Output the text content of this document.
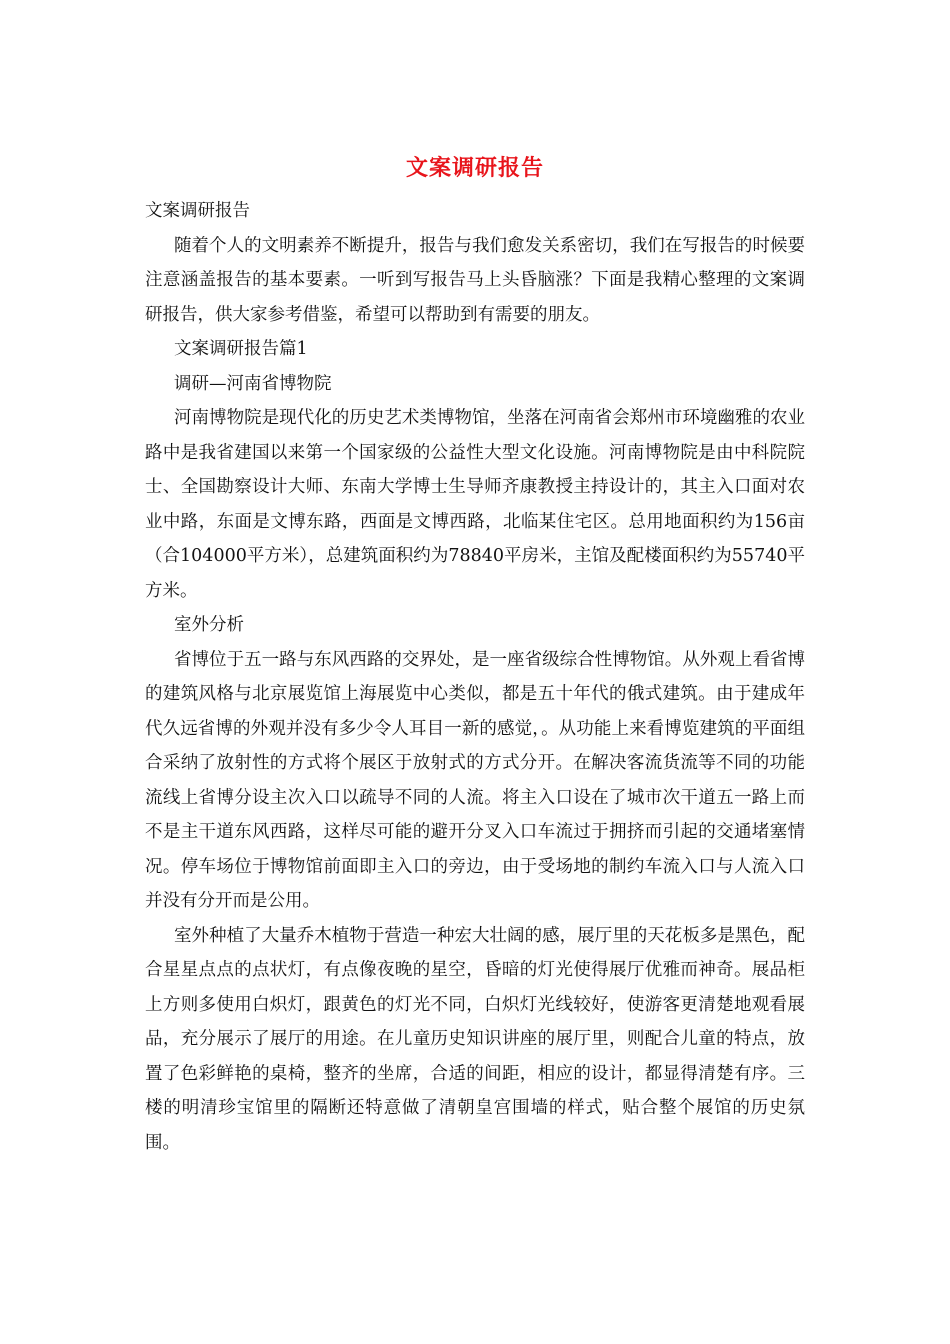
文案调研报告

文案调研报告

随着个人的文明素养不断提升，报告与我们愈发关系密切，我们在写报告的时候要注意涵盖报告的基本要素。一听到写报告马上头昏脑涨？下面是我精心整理的文案调研报告，供大家参考借鉴，希望可以帮助到有需要的朋友。

文案调研报告篇1

调研—河南省博物院

河南博物院是现代化的历史艺术类博物馆，坐落在河南省会郑州市环境幽雅的农业路中是我省建国以来第一个国家级的公益性大型文化设施。河南博物院是由中科院院士、全国勘察设计大师、东南大学博士生导师齐康教授主持设计的，其主入口面对农业中路，东面是文博东路，西面是文博西路，北临某住宅区。总用地面积约为156亩（合104000平方米），总建筑面积约为78840平房米，主馆及配楼面积约为55740平方米。

室外分析

省博位于五一路与东风西路的交界处，是一座省级综合性博物馆。从外观上看省博的建筑风格与北京展览馆上海展览中心类似，都是五十年代的俄式建筑。由于建成年代久远省博的外观并没有多少令人耳目一新的感觉，。从功能上来看博览建筑的平面组合采纳了放射性的方式将个展区于放射式的方式分开。在解决客流货流等不同的功能流线上省博分设主次入口以疏导不同的人流。将主入口设在了城市次干道五一路上而不是主干道东风西路，这样尽可能的避开分叉入口车流过于拥挤而引起的交通堵塞情况。停车场位于博物馆前面即主入口的旁边，由于受场地的制约车流入口与人流入口并没有分开而是公用。

室外种植了大量乔木植物于营造一种宏大壮阔的感，展厅里的天花板多是黑色，配合星星点点的点状灯，有点像夜晚的星空，昏暗的灯光使得展厅优雅而神奇。展品柜上方则多使用白炽灯，跟黄色的灯光不同，白炽灯光线较好，使游客更清楚地观看展品，充分展示了展厅的用途。在儿童历史知识讲座的展厅里，则配合儿童的特点，放置了色彩鲜艳的桌椅，整齐的坐席，合适的间距，相应的设计，都显得清楚有序。三楼的明清珍宝馆里的隔断还特意做了清朝皇宫围墙的样式，贴合整个展馆的历史氛围。
